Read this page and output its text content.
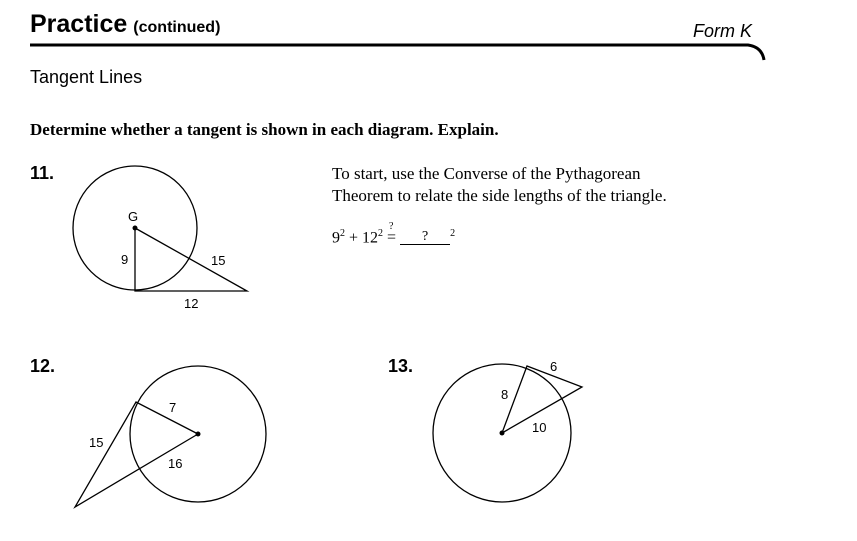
Practice (continued)	Form K
Tangent Lines
Determine whether a tangent is shown in each diagram. Explain.
11.
G
9	15
12
To start, use the Converse of the Pythagorean
Theorem to relate the side lengths of the triangle.
$9^2 + 12^2$
?
= ? $^2$
12.
7
15
16
13.
8
6
10
